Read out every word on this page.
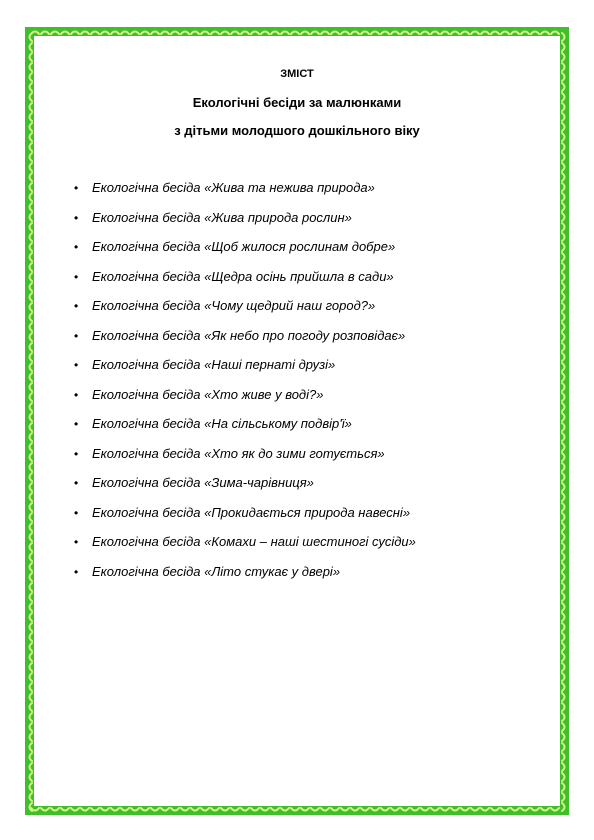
ЗМІСТ
Екологічні бесіди за малюнками
з дітьми молодшого дошкільного віку
•	Екологічна бесіда «Жива та нежива природа»
•	Екологічна бесіда «Жива природа рослин»
•	Екологічна бесіда «Щоб жилося рослинам добре»
•	Екологічна бесіда «Щедра осінь прийшла в сади»
•	Екологічна бесіда «Чому щедрий наш город?»
•	Екологічна бесіда «Як небо про погоду розповідає»
•	Екологічна бесіда «Наші пернаті друзі»
•	Екологічна бесіда «Хто живе у воді?»
•	Екологічна бесіда «На сільському подвір'ї»
•	Екологічна бесіда «Хто як до зими готується»
•	Екологічна бесіда «Зима-чарівниця»
•	Екологічна бесіда «Прокидається природа навесні»
•	Екологічна бесіда «Комахи – наші шестиногі сусіди»
•	Екологічна бесіда «Літо стукає у двері»
